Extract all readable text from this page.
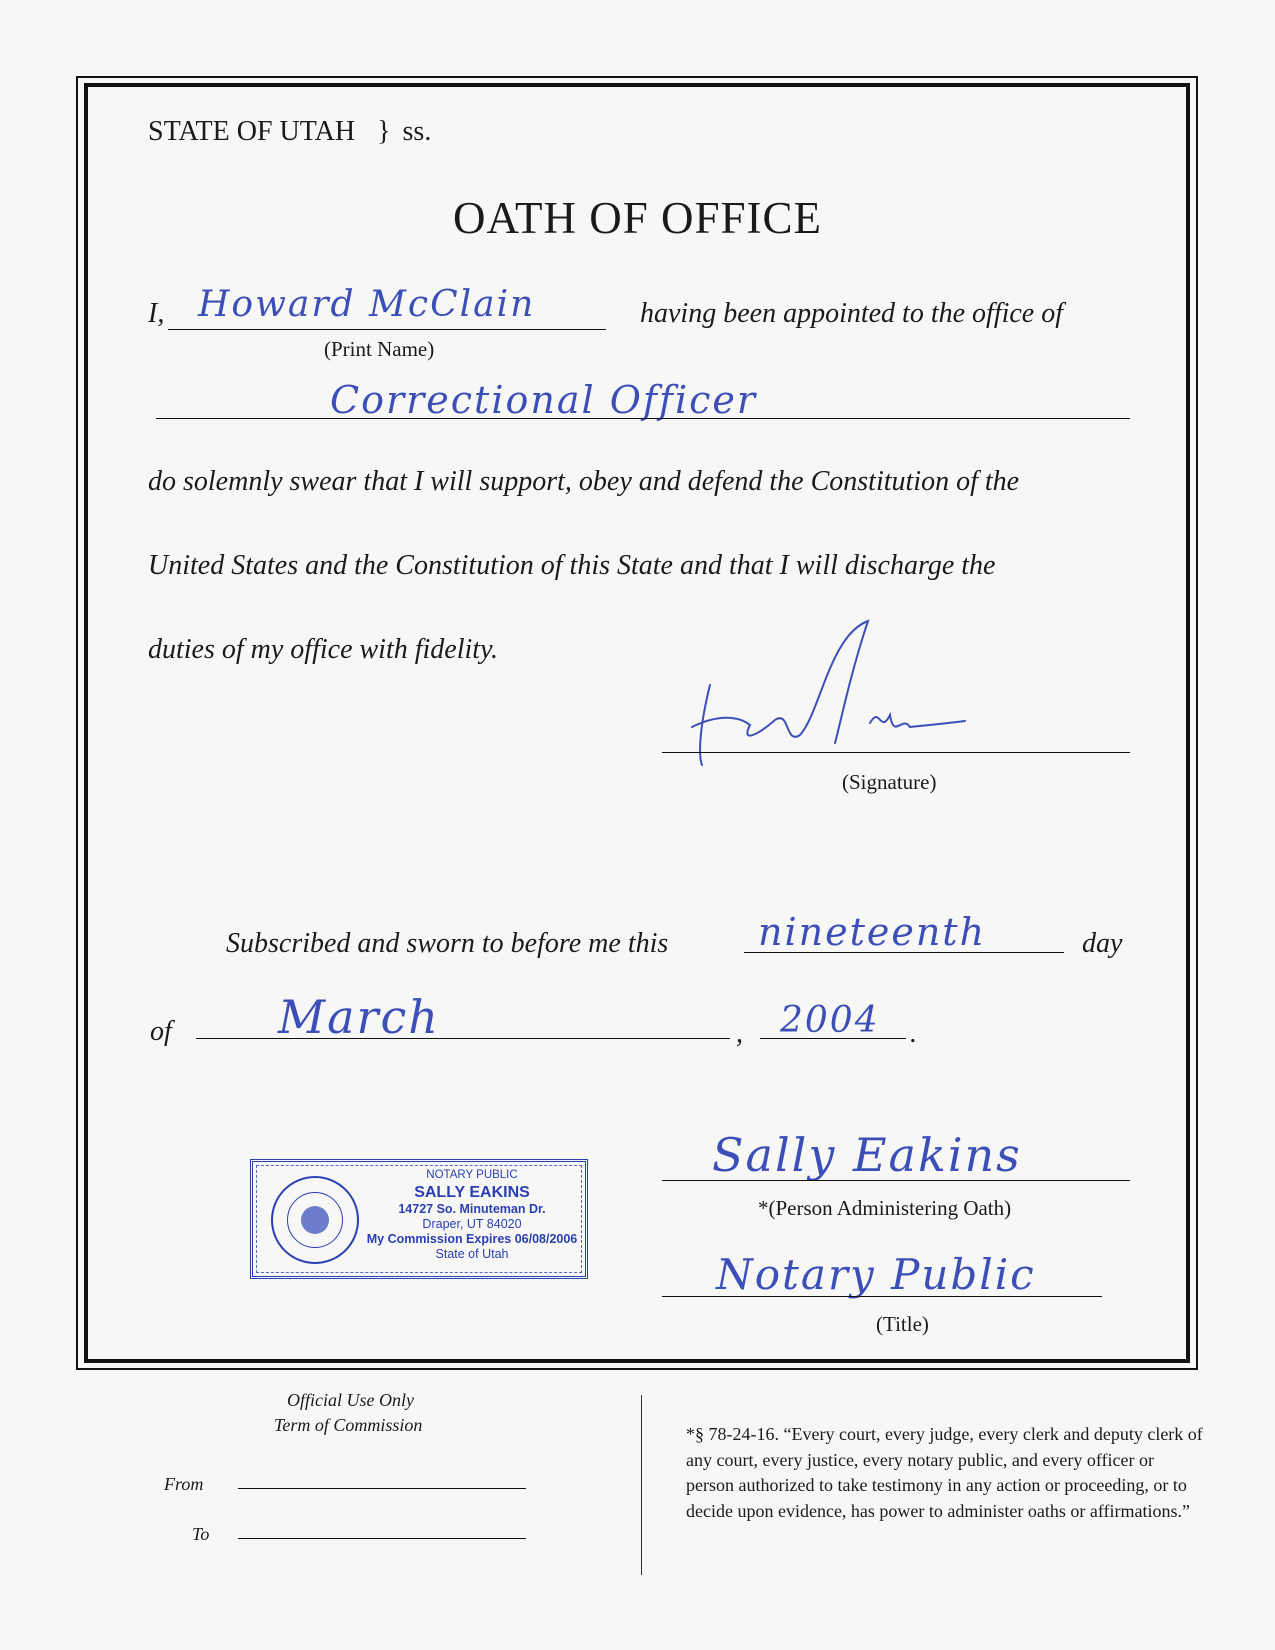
STATE OF UTAH } ss.
OATH OF OFFICE
I, Howard McClain	having been appointed to the office of
(Print Name)
Correctional Officer
do solemnly swear that I will support, obey and defend the Constitution of the
United States and the Constitution of this State and that I will discharge the
duties of my office with fidelity.
(Signature)
Subscribed and sworn to before me this nineteenth	day
of March	, 2004 .
NOTARY PUBLIC
SALLY EAKINS
14727 So. Minuteman Dr.
Draper, UT 84020
My Commission Expires 06/08/2006
State of Utah
Sally Eakins
*(Person Administering Oath)
Notary Public
(Title)
Official Use Only
Term of Commission
From
To
*§ 78-24-16. “Every court, every judge, every clerk and deputy clerk of any court, every justice, every notary public, and every officer or person authorized to take testimony in any action or proceeding, or to decide upon evidence, has power to administer oaths or affirmations.”
